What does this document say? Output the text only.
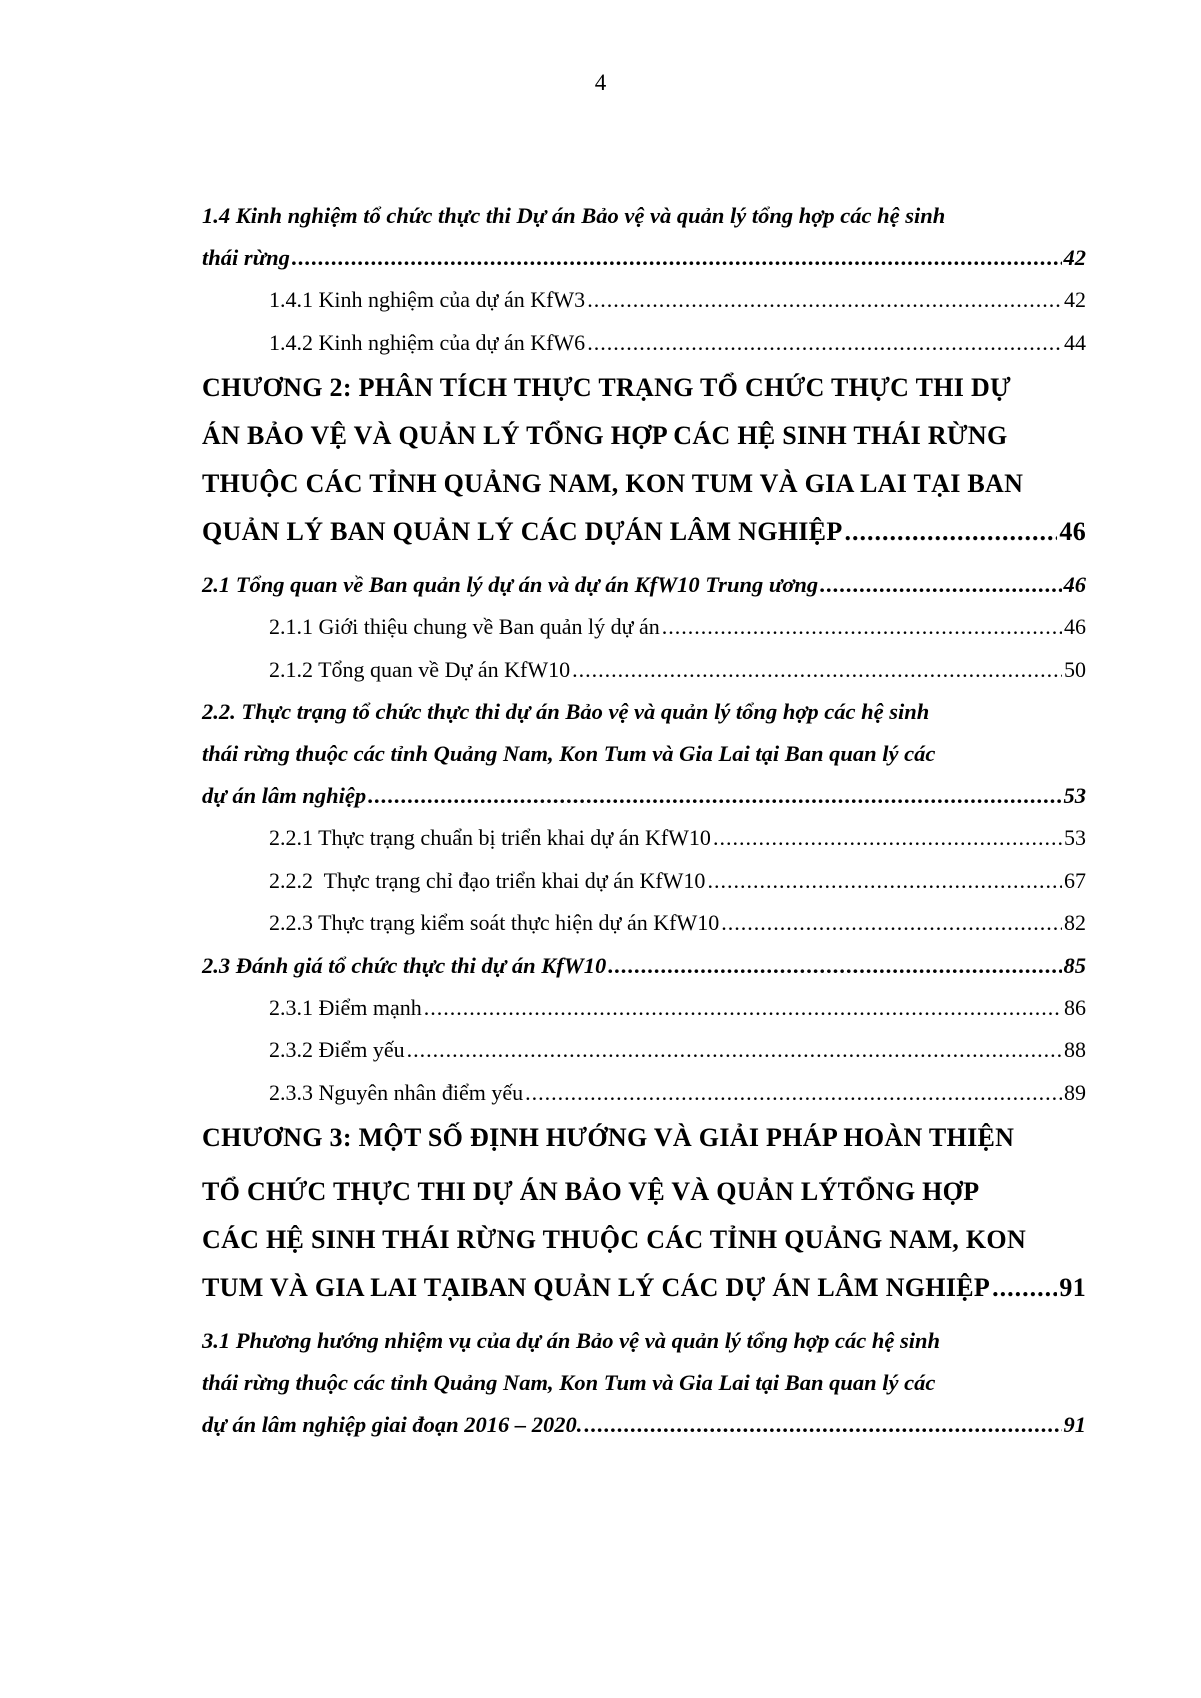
4
1.4 Kinh nghiệm tổ chức thực thi Dự án Bảo vệ và quản lý tổng hợp các hệ sinh
thái rừng .....	42
1.4.1 Kinh nghiệm của dự án KfW3 .....	42
1.4.2 Kinh nghiệm của dự án KfW6 .....	44
CHƯƠNG 2: PHÂN TÍCH THỰC TRẠNG TỔ CHỨC THỰC THI DỰ
ÁN BẢO VỆ VÀ QUẢN LÝ TỔNG HỢP CÁC HỆ SINH THÁI RỪNG
THUỘC CÁC TỈNH QUẢNG NAM, KON TUM VÀ GIA LAI TẠI BAN
QUẢN LÝ BAN QUẢN LÝ CÁC DỰÁN LÂM NGHIỆP .....	46
2.1 Tổng quan về Ban quản lý dự án và dự án KfW10 Trung ương .....	46
2.1.1 Giới thiệu chung về Ban quản lý dự án .....	46
2.1.2 Tổng quan về Dự án KfW10 .....	50
2.2. Thực trạng tổ chức thực thi dự án Bảo vệ và quản lý tổng hợp các hệ sinh
thái rừng thuộc các tỉnh Quảng Nam, Kon Tum và Gia Lai tại Ban quan lý các
dự án lâm nghiệp .....	53
2.2.1 Thực trạng chuẩn bị triển khai dự án KfW10 .....	53
2.2.2  Thực trạng chỉ đạo triển khai dự án KfW10 .....	67
2.2.3 Thực trạng kiểm soát thực hiện dự án KfW10 .....	82
2.3 Đánh giá tổ chức thực thi dự án KfW10 .....	85
2.3.1 Điểm mạnh .....	86
2.3.2 Điểm yếu .....	88
2.3.3 Nguyên nhân điểm yếu .....	89
CHƯƠNG 3: MỘT SỐ ĐỊNH HƯỚNG VÀ GIẢI PHÁP HOÀN THIỆN
TỔ CHỨC THỰC THI DỰ ÁN BẢO VỆ VÀ QUẢN LÝTỔNG HỢP
CÁC HỆ SINH THÁI RỪNG THUỘC CÁC TỈNH QUẢNG NAM, KON
TUM VÀ GIA LAI TẠIBAN QUẢN LÝ CÁC DỰ ÁN LÂM NGHIỆP .....	91
3.1 Phương hướng nhiệm vụ của dự án Bảo vệ và quản lý tổng hợp các hệ sinh
thái rừng thuộc các tỉnh Quảng Nam, Kon Tum và Gia Lai tại Ban quan lý các
dự án lâm nghiệp giai đoạn 2016 – 2020. .....	91
